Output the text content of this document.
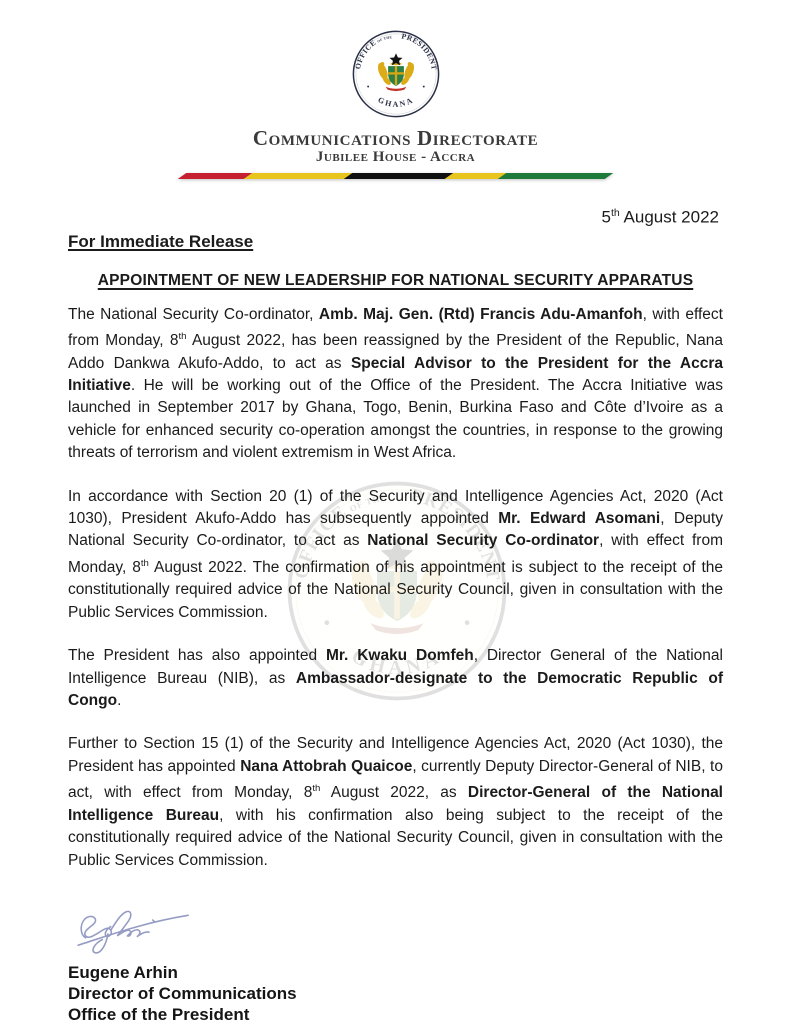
Communications Directorate
Jubilee House - Accra
5th August 2022
For Immediate Release
APPOINTMENT OF NEW LEADERSHIP FOR NATIONAL SECURITY APPARATUS

The National Security Co-ordinator, Amb. Maj. Gen. (Rtd) Francis Adu-Amanfoh, with effect from Monday, 8th August 2022, has been reassigned by the President of the Republic, Nana Addo Dankwa Akufo-Addo, to act as Special Advisor to the President for the Accra Initiative. He will be working out of the Office of the President. The Accra Initiative was launched in September 2017 by Ghana, Togo, Benin, Burkina Faso and Côte d’Ivoire as a vehicle for enhanced security co-operation amongst the countries, in response to the growing threats of terrorism and violent extremism in West Africa.

In accordance with Section 20 (1) of the Security and Intelligence Agencies Act, 2020 (Act 1030), President Akufo-Addo has subsequently appointed Mr. Edward Asomani, Deputy National Security Co-ordinator, to act as National Security Co-ordinator, with effect from Monday, 8th August 2022. The confirmation of his appointment is subject to the receipt of the constitutionally required advice of the National Security Council, given in consultation with the Public Services Commission.

The President has also appointed Mr. Kwaku Domfeh, Director General of the National Intelligence Bureau (NIB), as Ambassador-designate to the Democratic Republic of Congo.

Further to Section 15 (1) of the Security and Intelligence Agencies Act, 2020 (Act 1030), the President has appointed Nana Attobrah Quaicoe, currently Deputy Director-General of NIB, to act, with effect from Monday, 8th August 2022, as Director-General of the National Intelligence Bureau, with his confirmation also being subject to the receipt of the constitutionally required advice of the National Security Council, given in consultation with the Public Services Commission.

Eugene Arhin
Director of Communications
Office of the President
